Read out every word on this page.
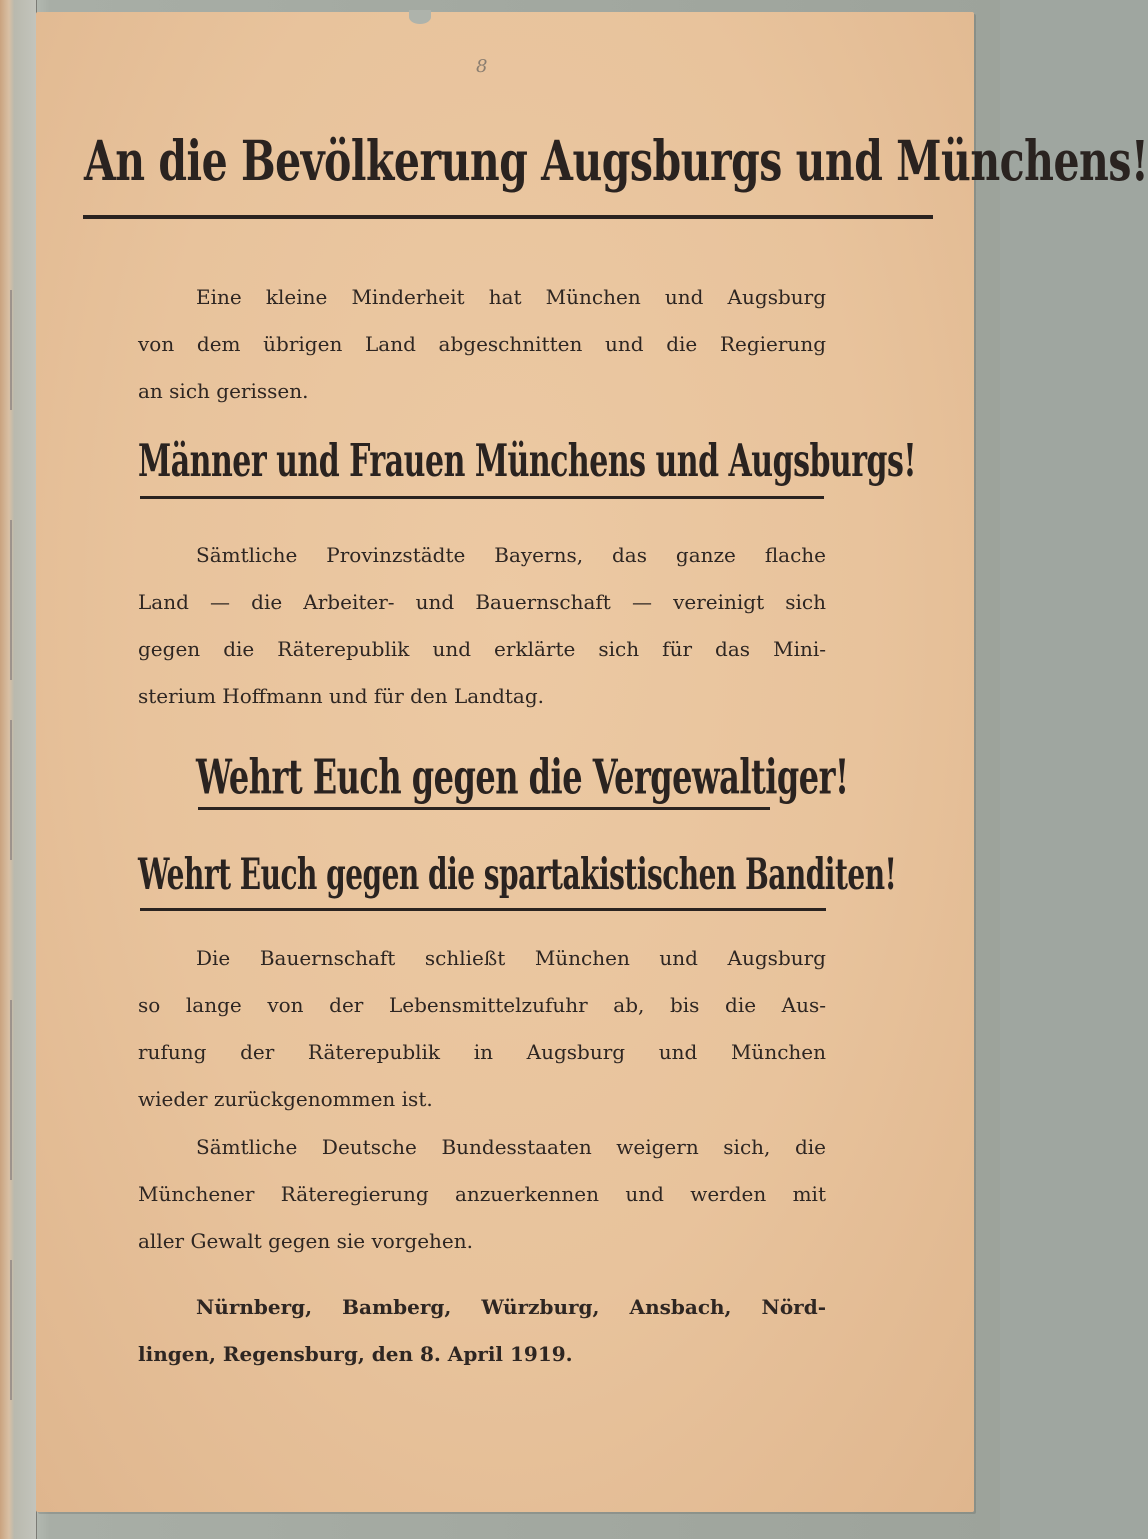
8
An die Bevölkerung Augsburgs und Münchens!
Eine kleine Minderheit hat München und Augsburg
von dem übrigen Land abgeschnitten und die Regierung
an sich gerissen.
Männer und Frauen Münchens und Augsburgs!
Sämtliche Provinzstädte Bayerns, das ganze flache
Land — die Arbeiter- und Bauernschaft — vereinigt sich
gegen die Räterepublik und erklärte sich für das Mini-
sterium Hoffmann und für den Landtag.
Wehrt Euch gegen die Vergewaltiger!
Wehrt Euch gegen die spartakistischen Banditen!
Die Bauernschaft schließt München und Augsburg
so lange von der Lebensmittelzufuhr ab, bis die Aus-
rufung der Räterepublik in Augsburg und München
wieder zurückgenommen ist.
Sämtliche Deutsche Bundesstaaten weigern sich, die
Münchener Räteregierung anzuerkennen und werden mit
aller Gewalt gegen sie vorgehen.
Nürnberg, Bamberg, Würzburg, Ansbach, Nörd-
lingen, Regensburg, den 8. April 1919.
